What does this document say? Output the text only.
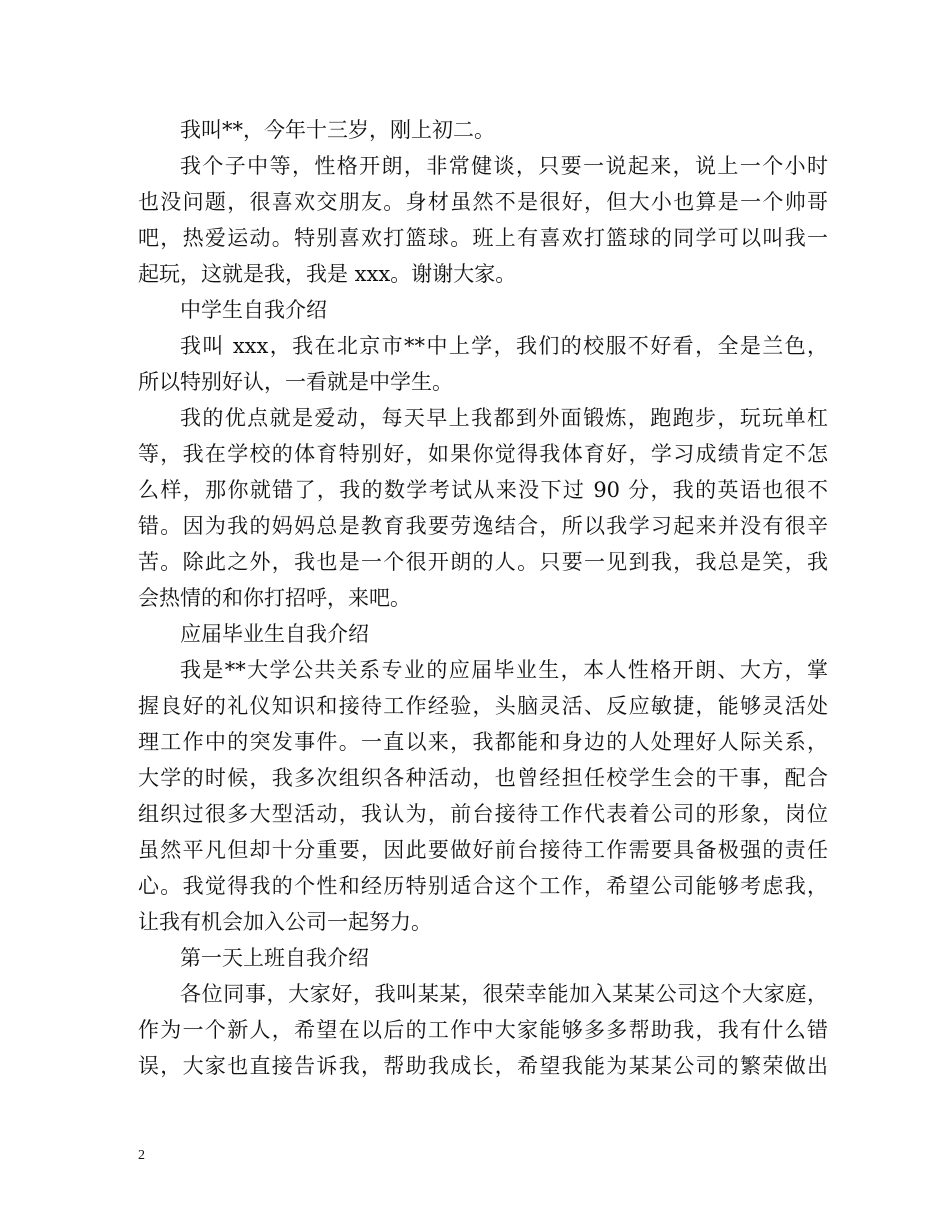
我叫**，今年十三岁，刚上初二。
我个子中等，性格开朗，非常健谈，只要一说起来，说上一个小时
也没问题，很喜欢交朋友。身材虽然不是很好，但大小也算是一个帅哥
吧，热爱运动。特别喜欢打篮球。班上有喜欢打篮球的同学可以叫我一
起玩，这就是我，我是 xxx。谢谢大家。
中学生自我介绍
我叫 xxx，我在北京市**中上学，我们的校服不好看，全是兰色，
所以特别好认，一看就是中学生。
我的优点就是爱动，每天早上我都到外面锻炼，跑跑步，玩玩单杠
等，我在学校的体育特别好，如果你觉得我体育好，学习成绩肯定不怎
么样，那你就错了，我的数学考试从来没下过 90 分，我的英语也很不
错。因为我的妈妈总是教育我要劳逸结合，所以我学习起来并没有很辛
苦。除此之外，我也是一个很开朗的人。只要一见到我，我总是笑，我
会热情的和你打招呼，来吧。
应届毕业生自我介绍
我是**大学公共关系专业的应届毕业生，本人性格开朗、大方，掌
握良好的礼仪知识和接待工作经验，头脑灵活、反应敏捷，能够灵活处
理工作中的突发事件。一直以来，我都能和身边的人处理好人际关系，
大学的时候，我多次组织各种活动，也曾经担任校学生会的干事，配合
组织过很多大型活动，我认为，前台接待工作代表着公司的形象，岗位
虽然平凡但却十分重要，因此要做好前台接待工作需要具备极强的责任
心。我觉得我的个性和经历特别适合这个工作，希望公司能够考虑我，
让我有机会加入公司一起努力。
第一天上班自我介绍
各位同事，大家好，我叫某某，很荣幸能加入某某公司这个大家庭，
作为一个新人，希望在以后的工作中大家能够多多帮助我，我有什么错
误，大家也直接告诉我，帮助我成长，希望我能为某某公司的繁荣做出
2
